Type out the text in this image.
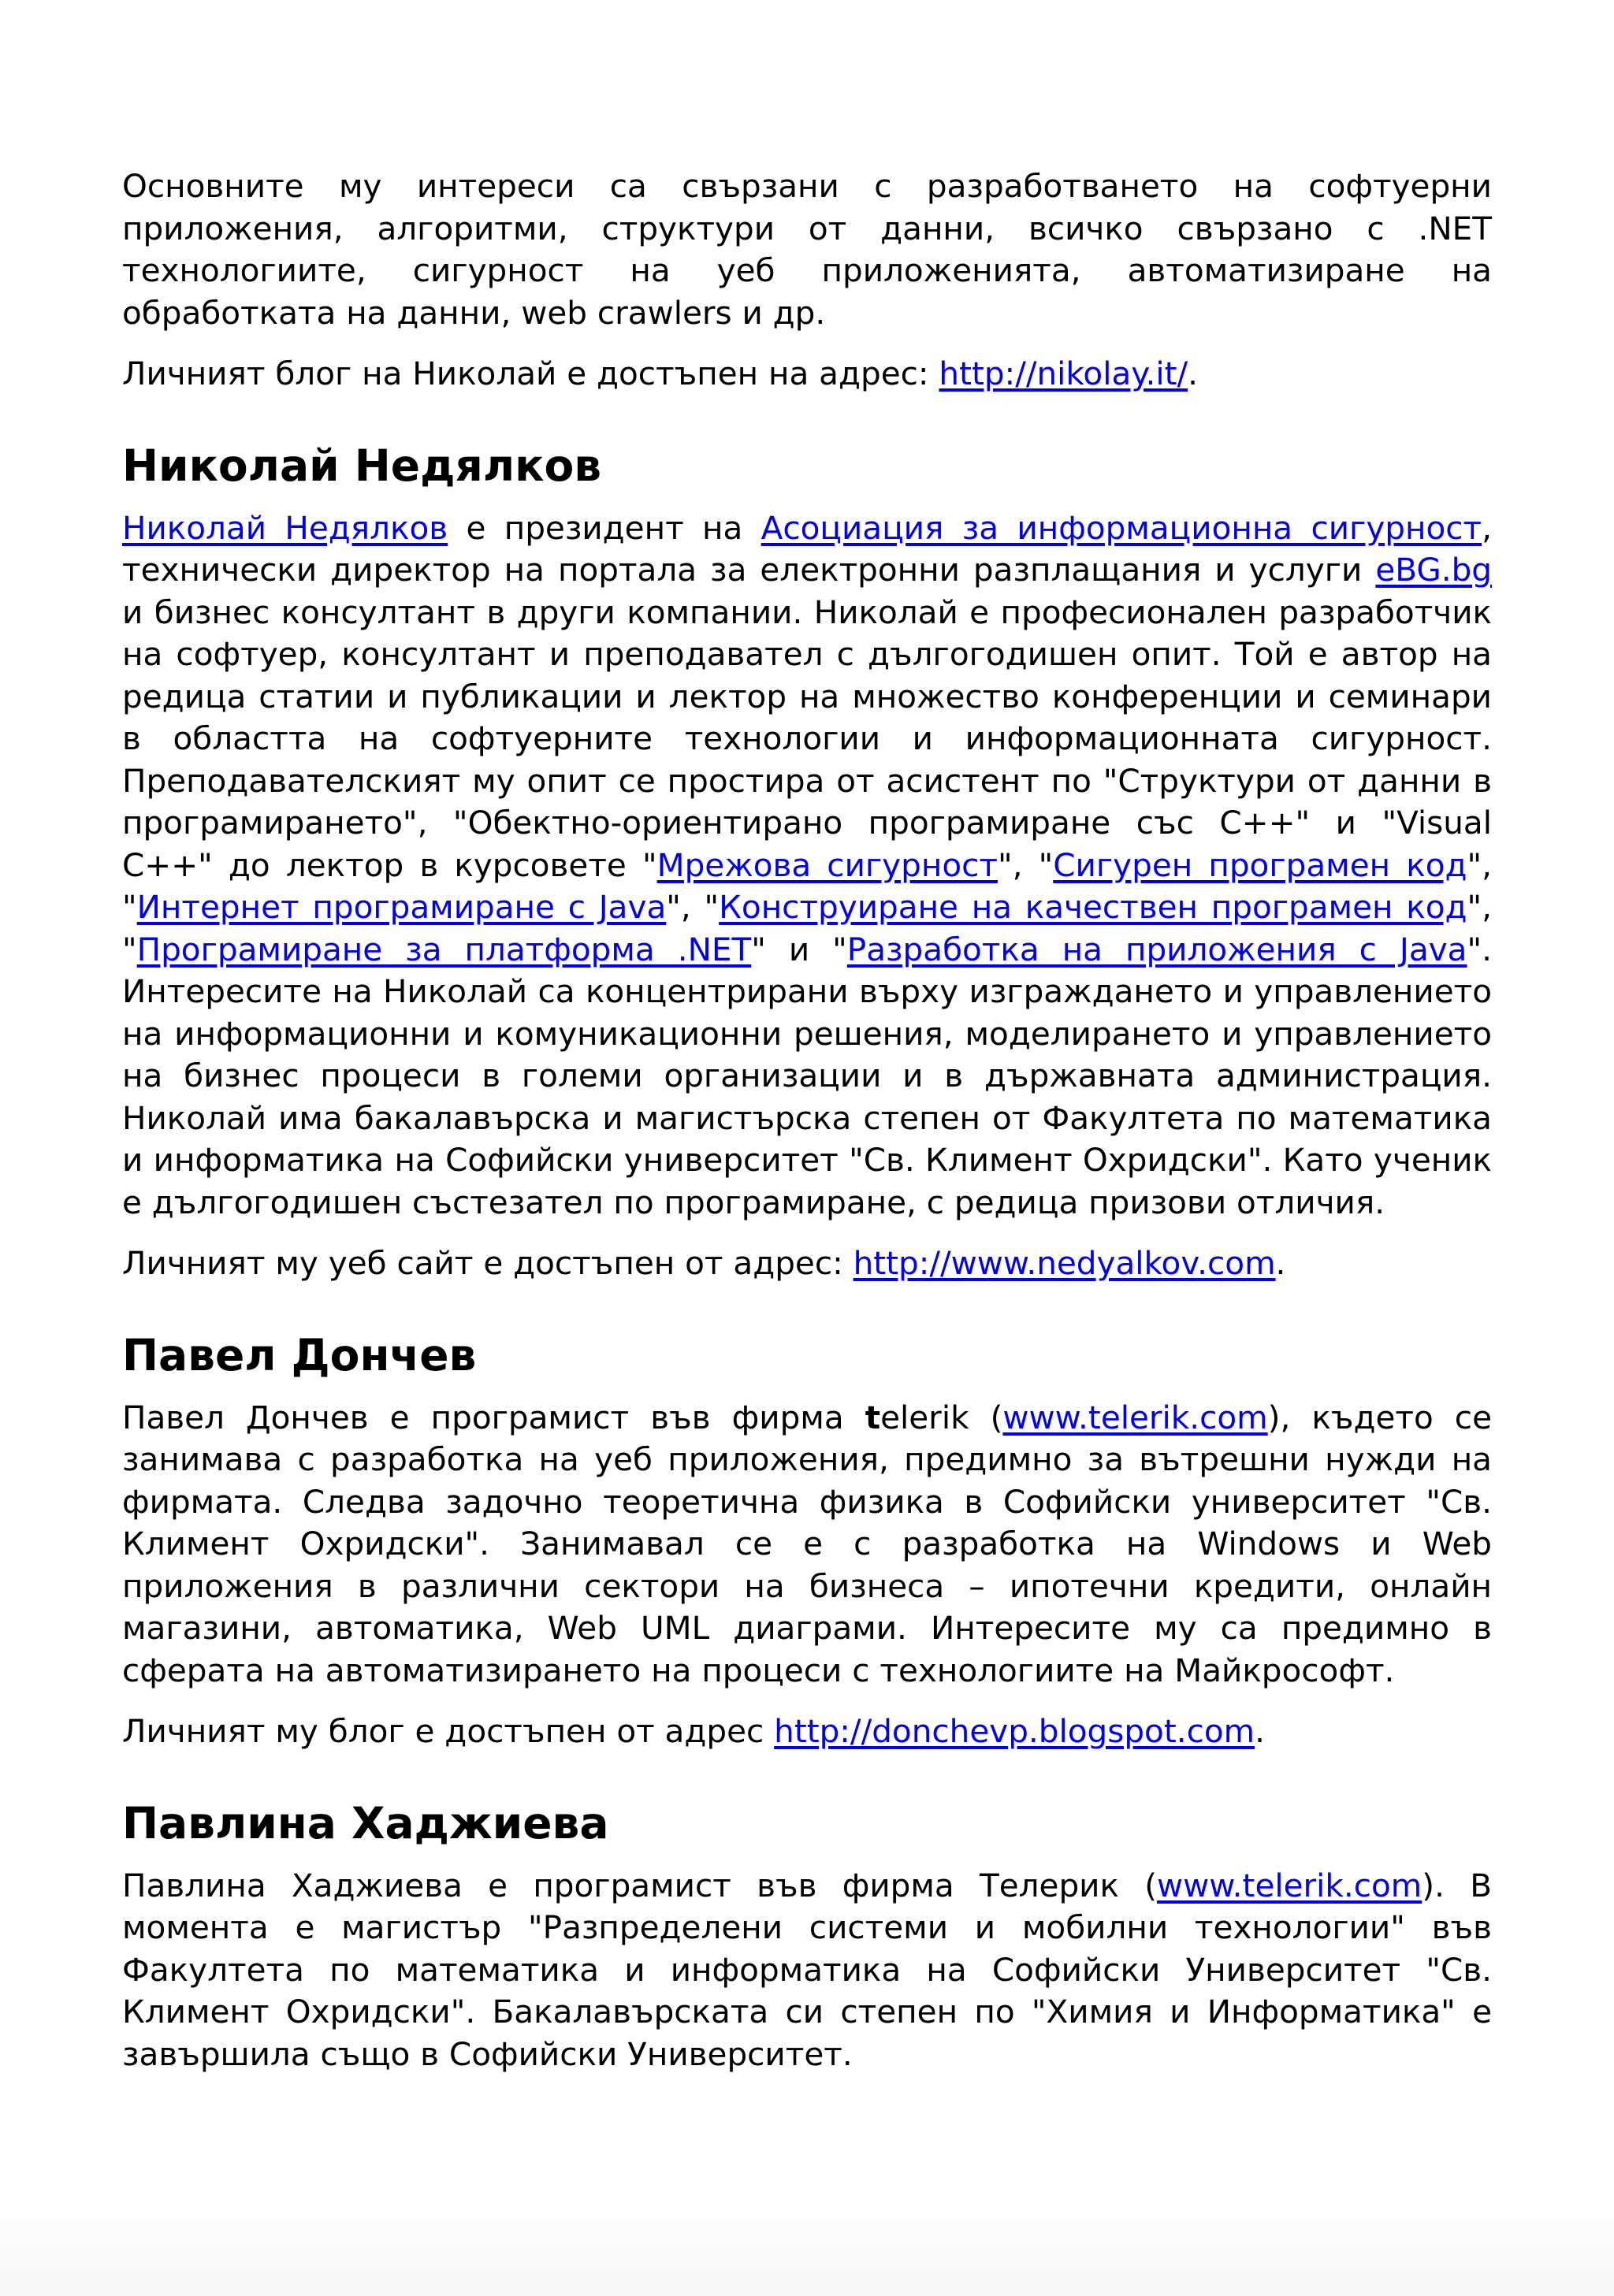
Основните му интереси са свързани с разработването на софтуерни приложения, алгоритми, структури от данни, всичко свързано с .NET технологиите, сигурност на уеб приложенията, автоматизиране на обработката на данни, web crawlers и др.

Личният блог на Николай е достъпен на адрес: http://nikolay.it/.

Николай Недялков

Николай Недялков е президент на Асоциация за информационна сигурност, технически директор на портала за електронни разплащания и услуги eBG.bg и бизнес консултант в други компании. Николай е професионален разработчик на софтуер, консултант и преподавател с дългогодишен опит. Той е автор на редица статии и публикации и лектор на множество конференции и семинари в областта на софтуерните технологии и информационната сигурност. Преподавателският му опит се простира от асистент по "Структури от данни в програмирането", "Обектно-ориентирано програмиране със C++" и "Visual C++" до лектор в курсовете "Мрежова сигурност", "Сигурен програмен код", "Интернет програмиране с Java", "Конструиране на качествен програмен код", "Програмиране за платформа .NET" и "Разработка на приложения с Java". Интересите на Николай са концентрирани върху изграждането и управлението на информационни и комуникационни решения, моделирането и управлението на бизнес процеси в големи организации и в държавната администрация. Николай има бакалавърска и магистърска степен от Факултета по математика и информатика на Софийски университет "Св. Климент Охридски". Като ученик е дългогодишен състезател по програмиране, с редица призови отличия.

Личният му уеб сайт е достъпен от адрес: http://www.nedyalkov.com.

Павел Дончев

Павел Дончев е програмист във фирма telerik (www.telerik.com), където се занимава с разработка на уеб приложения, предимно за вътрешни нужди на фирмата. Следва задочно теоретична физика в Софийски университет "Св. Климент Охридски". Занимавал се е с разработка на Windows и Web приложения в различни сектори на бизнеса – ипотечни кредити, онлайн магазини, автоматика, Web UML диаграми. Интересите му са предимно в сферата на автоматизирането на процеси с технологиите на Майкрософт.

Личният му блог е достъпен от адрес http://donchevp.blogspot.com.

Павлина Хаджиева

Павлина Хаджиева е програмист във фирма Телерик (www.telerik.com). В момента е магистър "Разпределени системи и мобилни технологии" във Факултета по математика и информатика на Софийски Университет "Св. Климент Охридски". Бакалавърската си степен по "Химия и Информатика" е завършила също в Софийски Университет.
